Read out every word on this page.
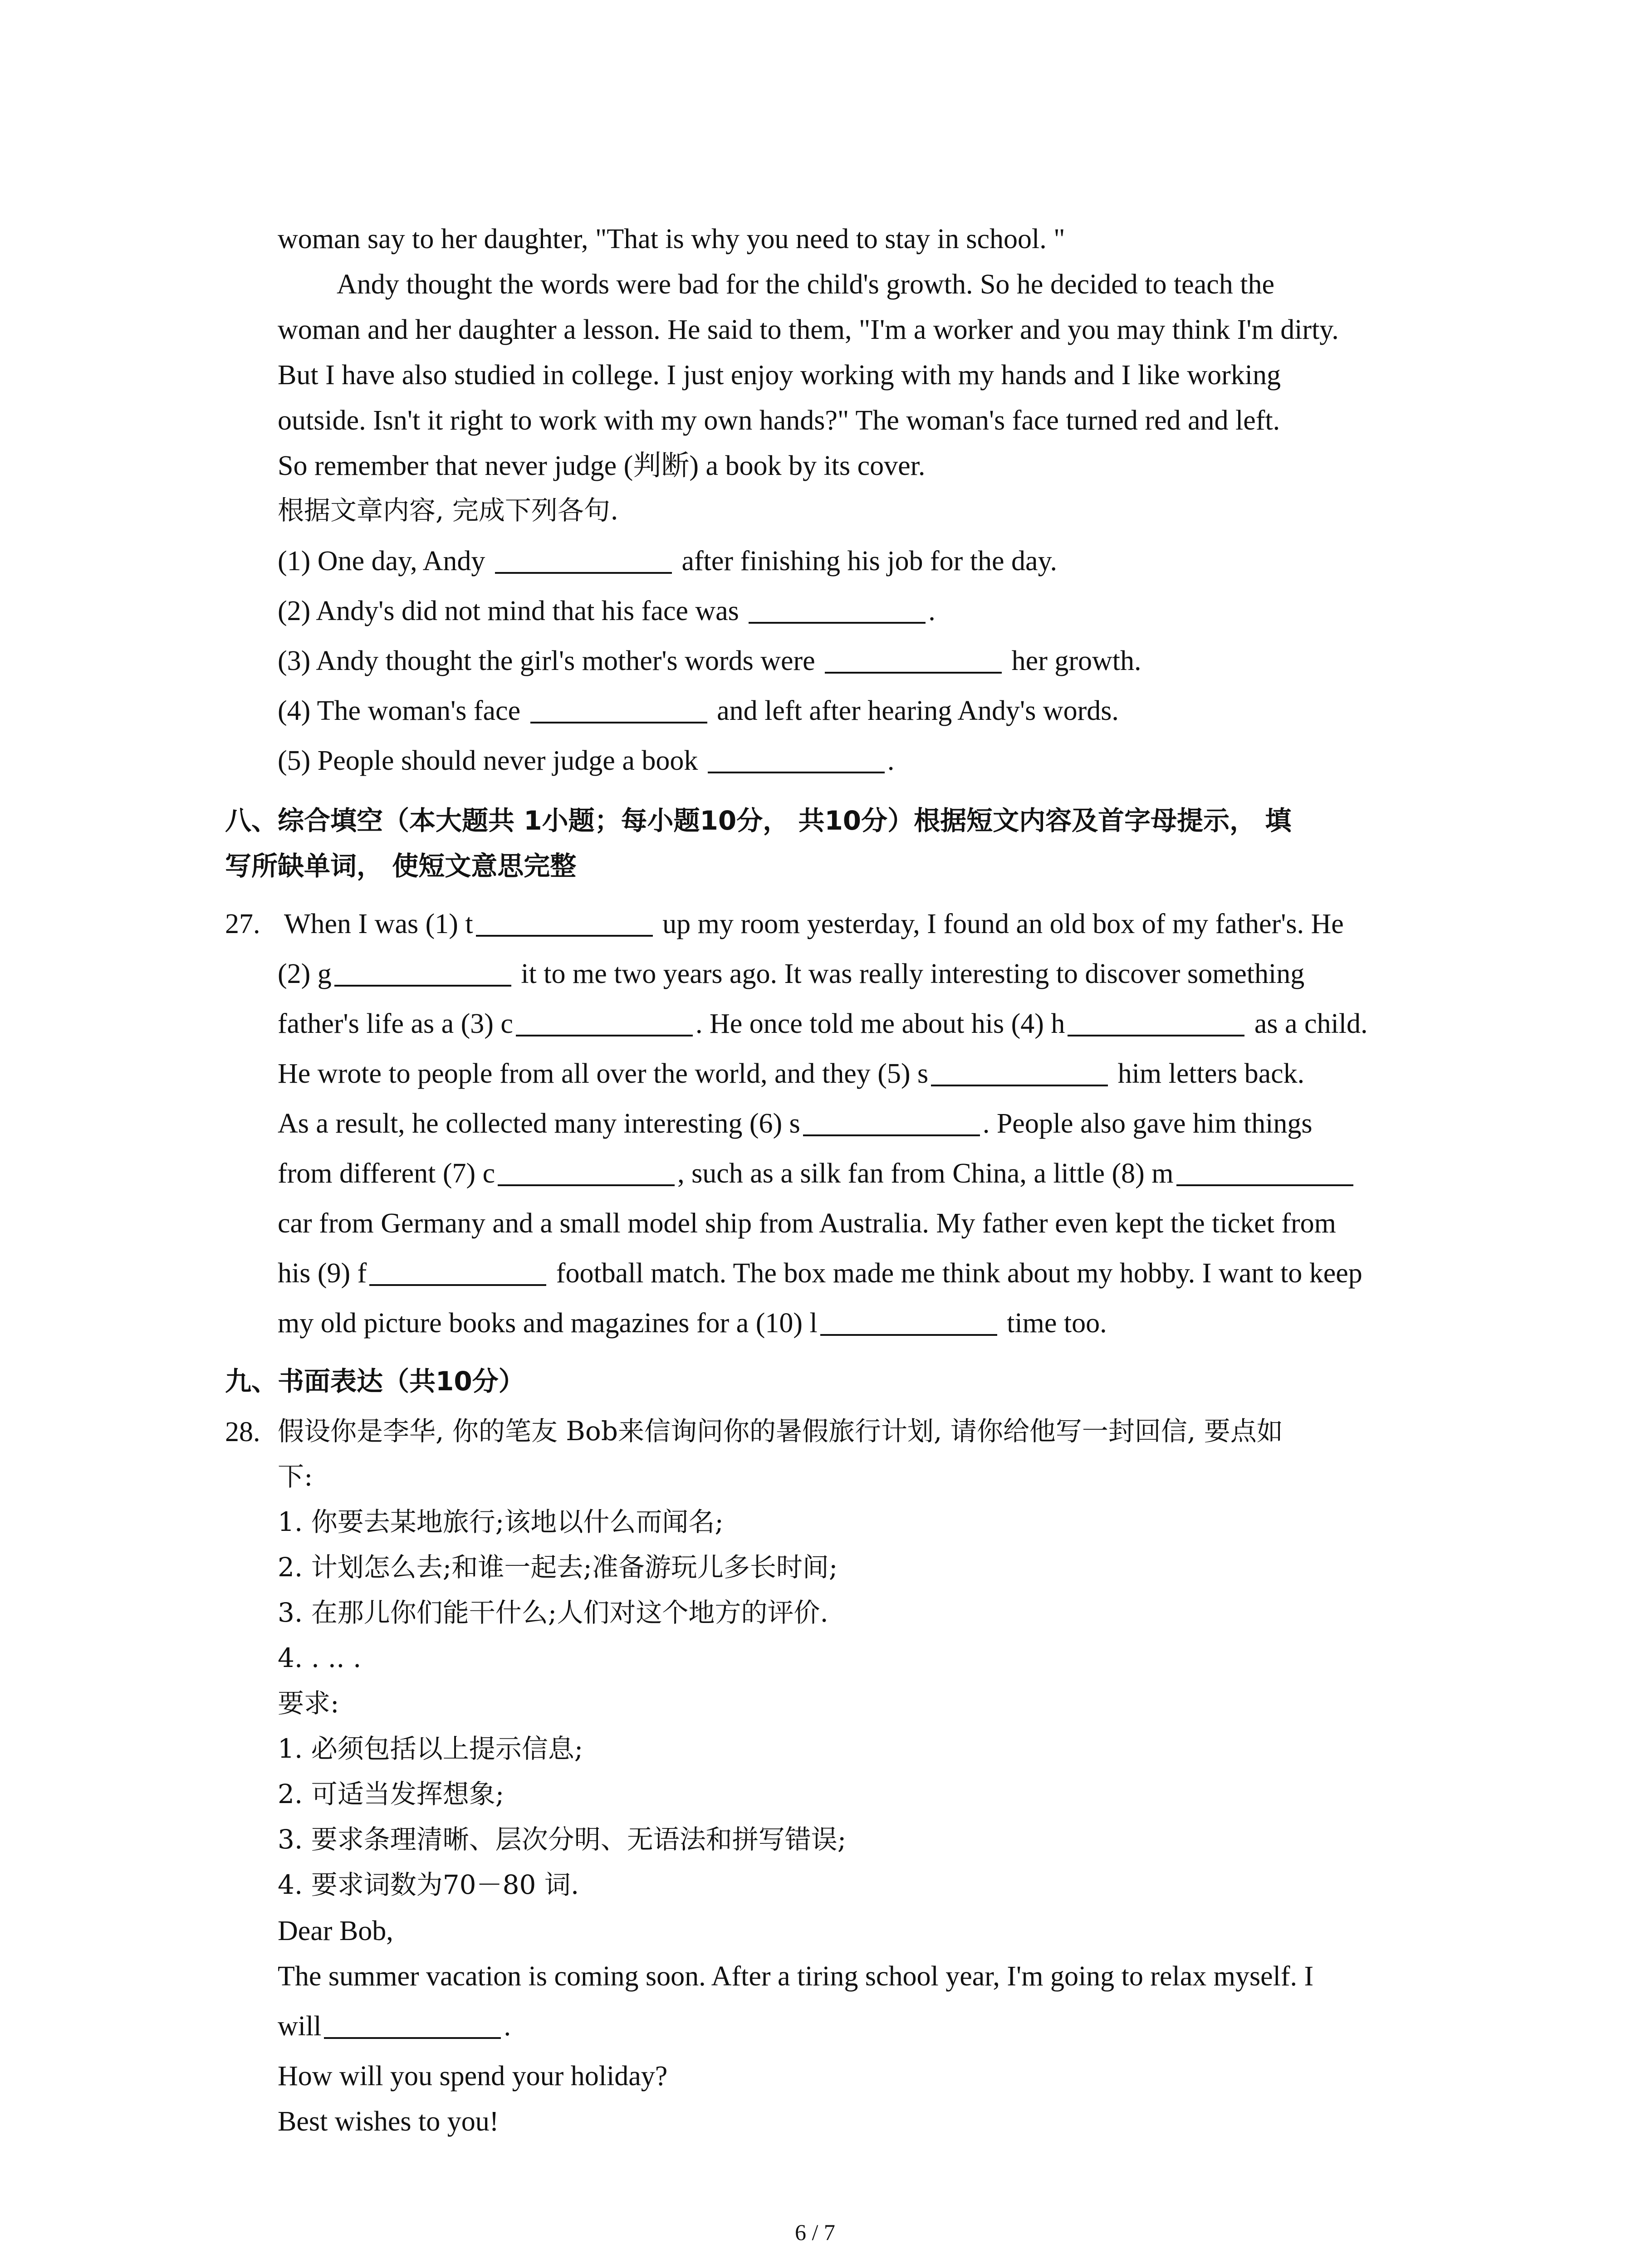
woman say to her daughter, "That is why you need to stay in school. "
Andy thought the words were bad for the child's growth. So he decided to teach the
woman and her daughter a lesson. He said to them, "I'm a worker and you may think I'm dirty.
But I have also studied in college. I just enjoy working with my hands and I like working
outside. Isn't it right to work with my own hands?" The woman's face turned red and left.
So remember that never judge (判断) a book by its cover.
根据文章内容, 完成下列各句.
(1) One day, Andy	after finishing his job for the day.
(2) Andy's did not mind that his face was	.
(3) Andy thought the girl's mother's words were	her growth.
(4) The woman's face	and left after hearing Andy's words.
(5) People should never judge a book	.
八、综合填空（本大题共 1小题；每小题10分， 共10分）根据短文内容及首字母提示， 填
写所缺单词， 使短文意思完整
27. When I was (1) t	up my room yesterday, I found an old box of my father's. He
(2) g	it to me two years ago. It was really interesting to discover something
father's life as a (3) c	. He once told me about his (4) h	as a child.
He wrote to people from all over the world, and they (5) s	him letters back.
As a result, he collected many interesting (6) s	. People also gave him things
from different (7) c	, such as a silk fan from China, a little (8) m
car from Germany and a small model ship from Australia. My father even kept the ticket from
his (9) f	football match. The box made me think about my hobby. I want to keep
my old picture books and magazines for a (10) l	time too.
九、书面表达（共10分）
28. 假设你是李华, 你的笔友 Bob来信询问你的暑假旅行计划, 请你给他写一封回信, 要点如
下:
1. 你要去某地旅行;该地以什么而闻名;
2. 计划怎么去;和谁一起去;准备游玩儿多长时间;
3. 在那儿你们能干什么;人们对这个地方的评价.
4. . .. .
要求:
1. 必须包括以上提示信息;
2. 可适当发挥想象;
3. 要求条理清晰、层次分明、无语法和拼写错误;
4. 要求词数为70－80 词.
Dear Bob,
The summer vacation is coming soon. After a tiring school year, I'm going to relax myself. I
will	.
How will you spend your holiday?
Best wishes to you!
6 / 7
